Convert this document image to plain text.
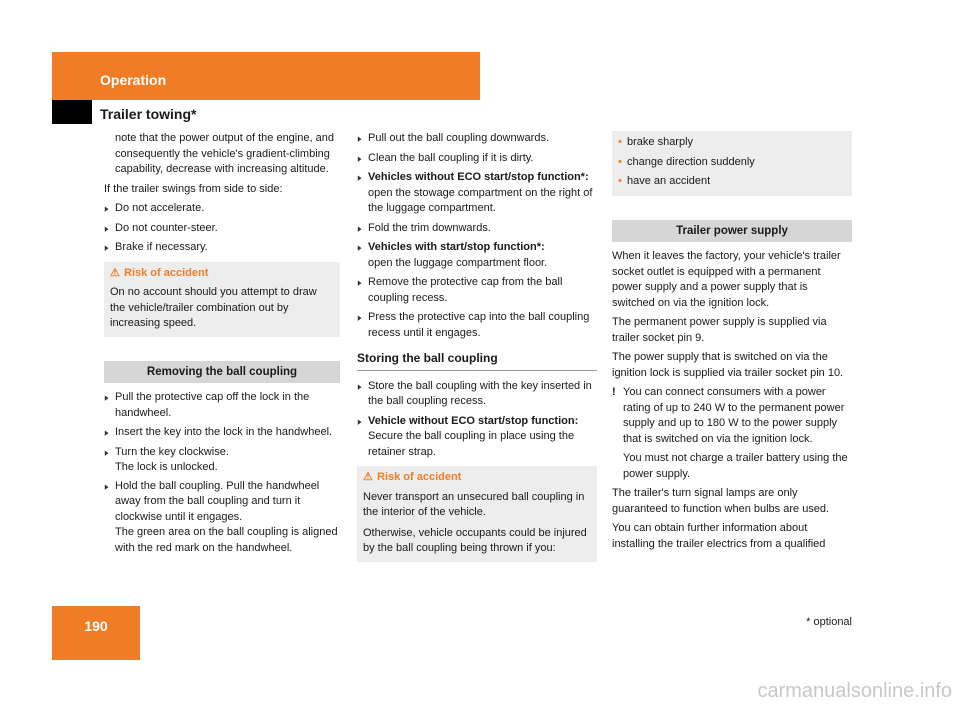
Operation
Trailer towing*

note that the power output of the engine, and consequently the vehicle's gradient-climbing capability, decrease with increasing altitude.

If the trailer swings from side to side:

▶ Do not accelerate.

▶ Do not counter-steer.

▶ Brake if necessary.

⚠ Risk of accident

On no account should you attempt to draw the vehicle/trailer combination out by increasing speed.

Removing the ball coupling

▶ Pull the protective cap off the lock in the handwheel.

▶ Insert the key into the lock in the handwheel.

▶ Turn the key clockwise.

The lock is unlocked.

▶ Hold the ball coupling. Pull the handwheel away from the ball coupling and turn it clockwise until it engages.

The green area on the ball coupling is aligned with the red mark on the handwheel.

▶ Pull out the ball coupling downwards.

▶ Clean the ball coupling if it is dirty.

▶ Vehicles without ECO start/stop function*: open the stowage compartment on the right of the luggage compartment.

▶ Fold the trim downwards.

▶ Vehicles with start/stop function*:
open the luggage compartment floor.

▶ Remove the protective cap from the ball coupling recess.

▶ Press the protective cap into the ball coupling recess until it engages.

Storing the ball coupling

▶ Store the ball coupling with the key inserted in the ball coupling recess.

▶ Vehicle without ECO start/stop function: Secure the ball coupling in place using the retainer strap.

⚠ Risk of accident

Never transport an unsecured ball coupling in the interior of the vehicle.

Otherwise, vehicle occupants could be injured by the ball coupling being thrown if you:

• brake sharply

• change direction suddenly

• have an accident

Trailer power supply

When it leaves the factory, your vehicle's trailer socket outlet is equipped with a permanent power supply and a power supply that is switched on via the ignition lock.

The permanent power supply is supplied via trailer socket pin 9.

The power supply that is switched on via the ignition lock is supplied via trailer socket pin 10.

! You can connect consumers with a power rating of up to 240 W to the permanent power supply and up to 180 W to the power supply that is switched on via the ignition lock.

You must not charge a trailer battery using the power supply.

The trailer's turn signal lamps are only guaranteed to function when bulbs are used.

You can obtain further information about installing the trailer electrics from a qualified

190	* optional
carmanualsonline.info
